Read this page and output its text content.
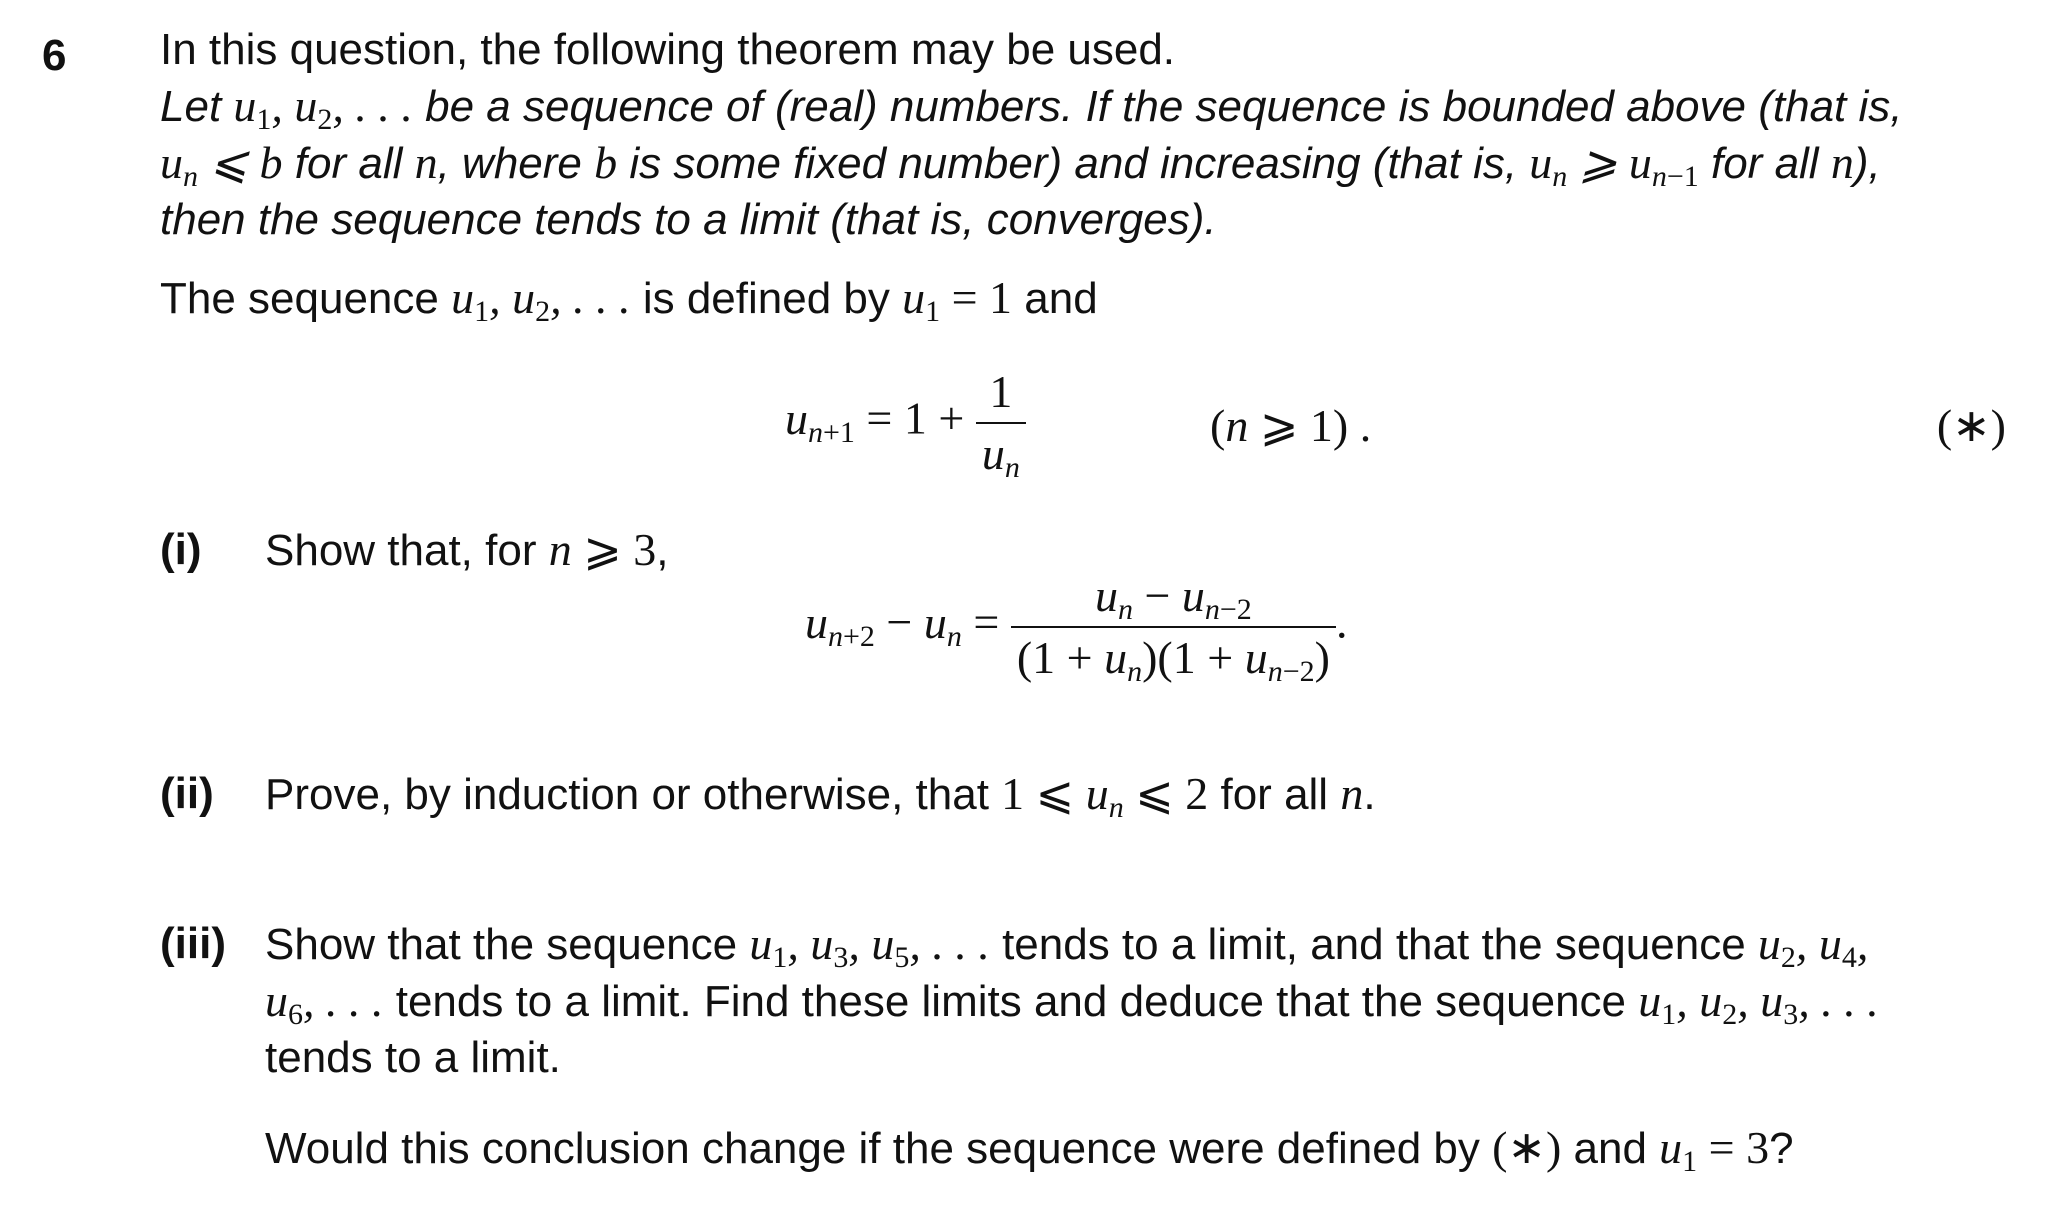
6 In this question, the following theorem may be used.
Let $u_1$, $u_2$, . . . be a sequence of (real) numbers. If the sequence is bounded above (that is,
$u_n$ ⩽ b for all n, where b is some fixed number) and increasing (that is, $u_n$ ⩾ $u_{n-1}$ for all n),
then the sequence tends to a limit (that is, converges).
The sequence $u_1$, $u_2$, . . . is defined by $u_1 = 1$ and
$u_{n+1} = 1 + \frac{1}{u_n}$	(n ⩾ 1) .	(∗)
(i) Show that, for n ⩾ 3,
$u_{n+2} - u_n = \frac{u_n - u_{n-2}}{(1 + u_n)(1 + u_{n-2})}$ .
(ii) Prove, by induction or otherwise, that 1 ⩽ $u_n$ ⩽ 2 for all n.
(iii) Show that the sequence $u_1$, $u_3$, $u_5$, . . . tends to a limit, and that the sequence $u_2$, $u_4$,
$u_6$, . . . tends to a limit. Find these limits and deduce that the sequence $u_1$, $u_2$, $u_3$, . . .
tends to a limit.
Would this conclusion change if the sequence were defined by (∗) and $u_1 = 3$?
